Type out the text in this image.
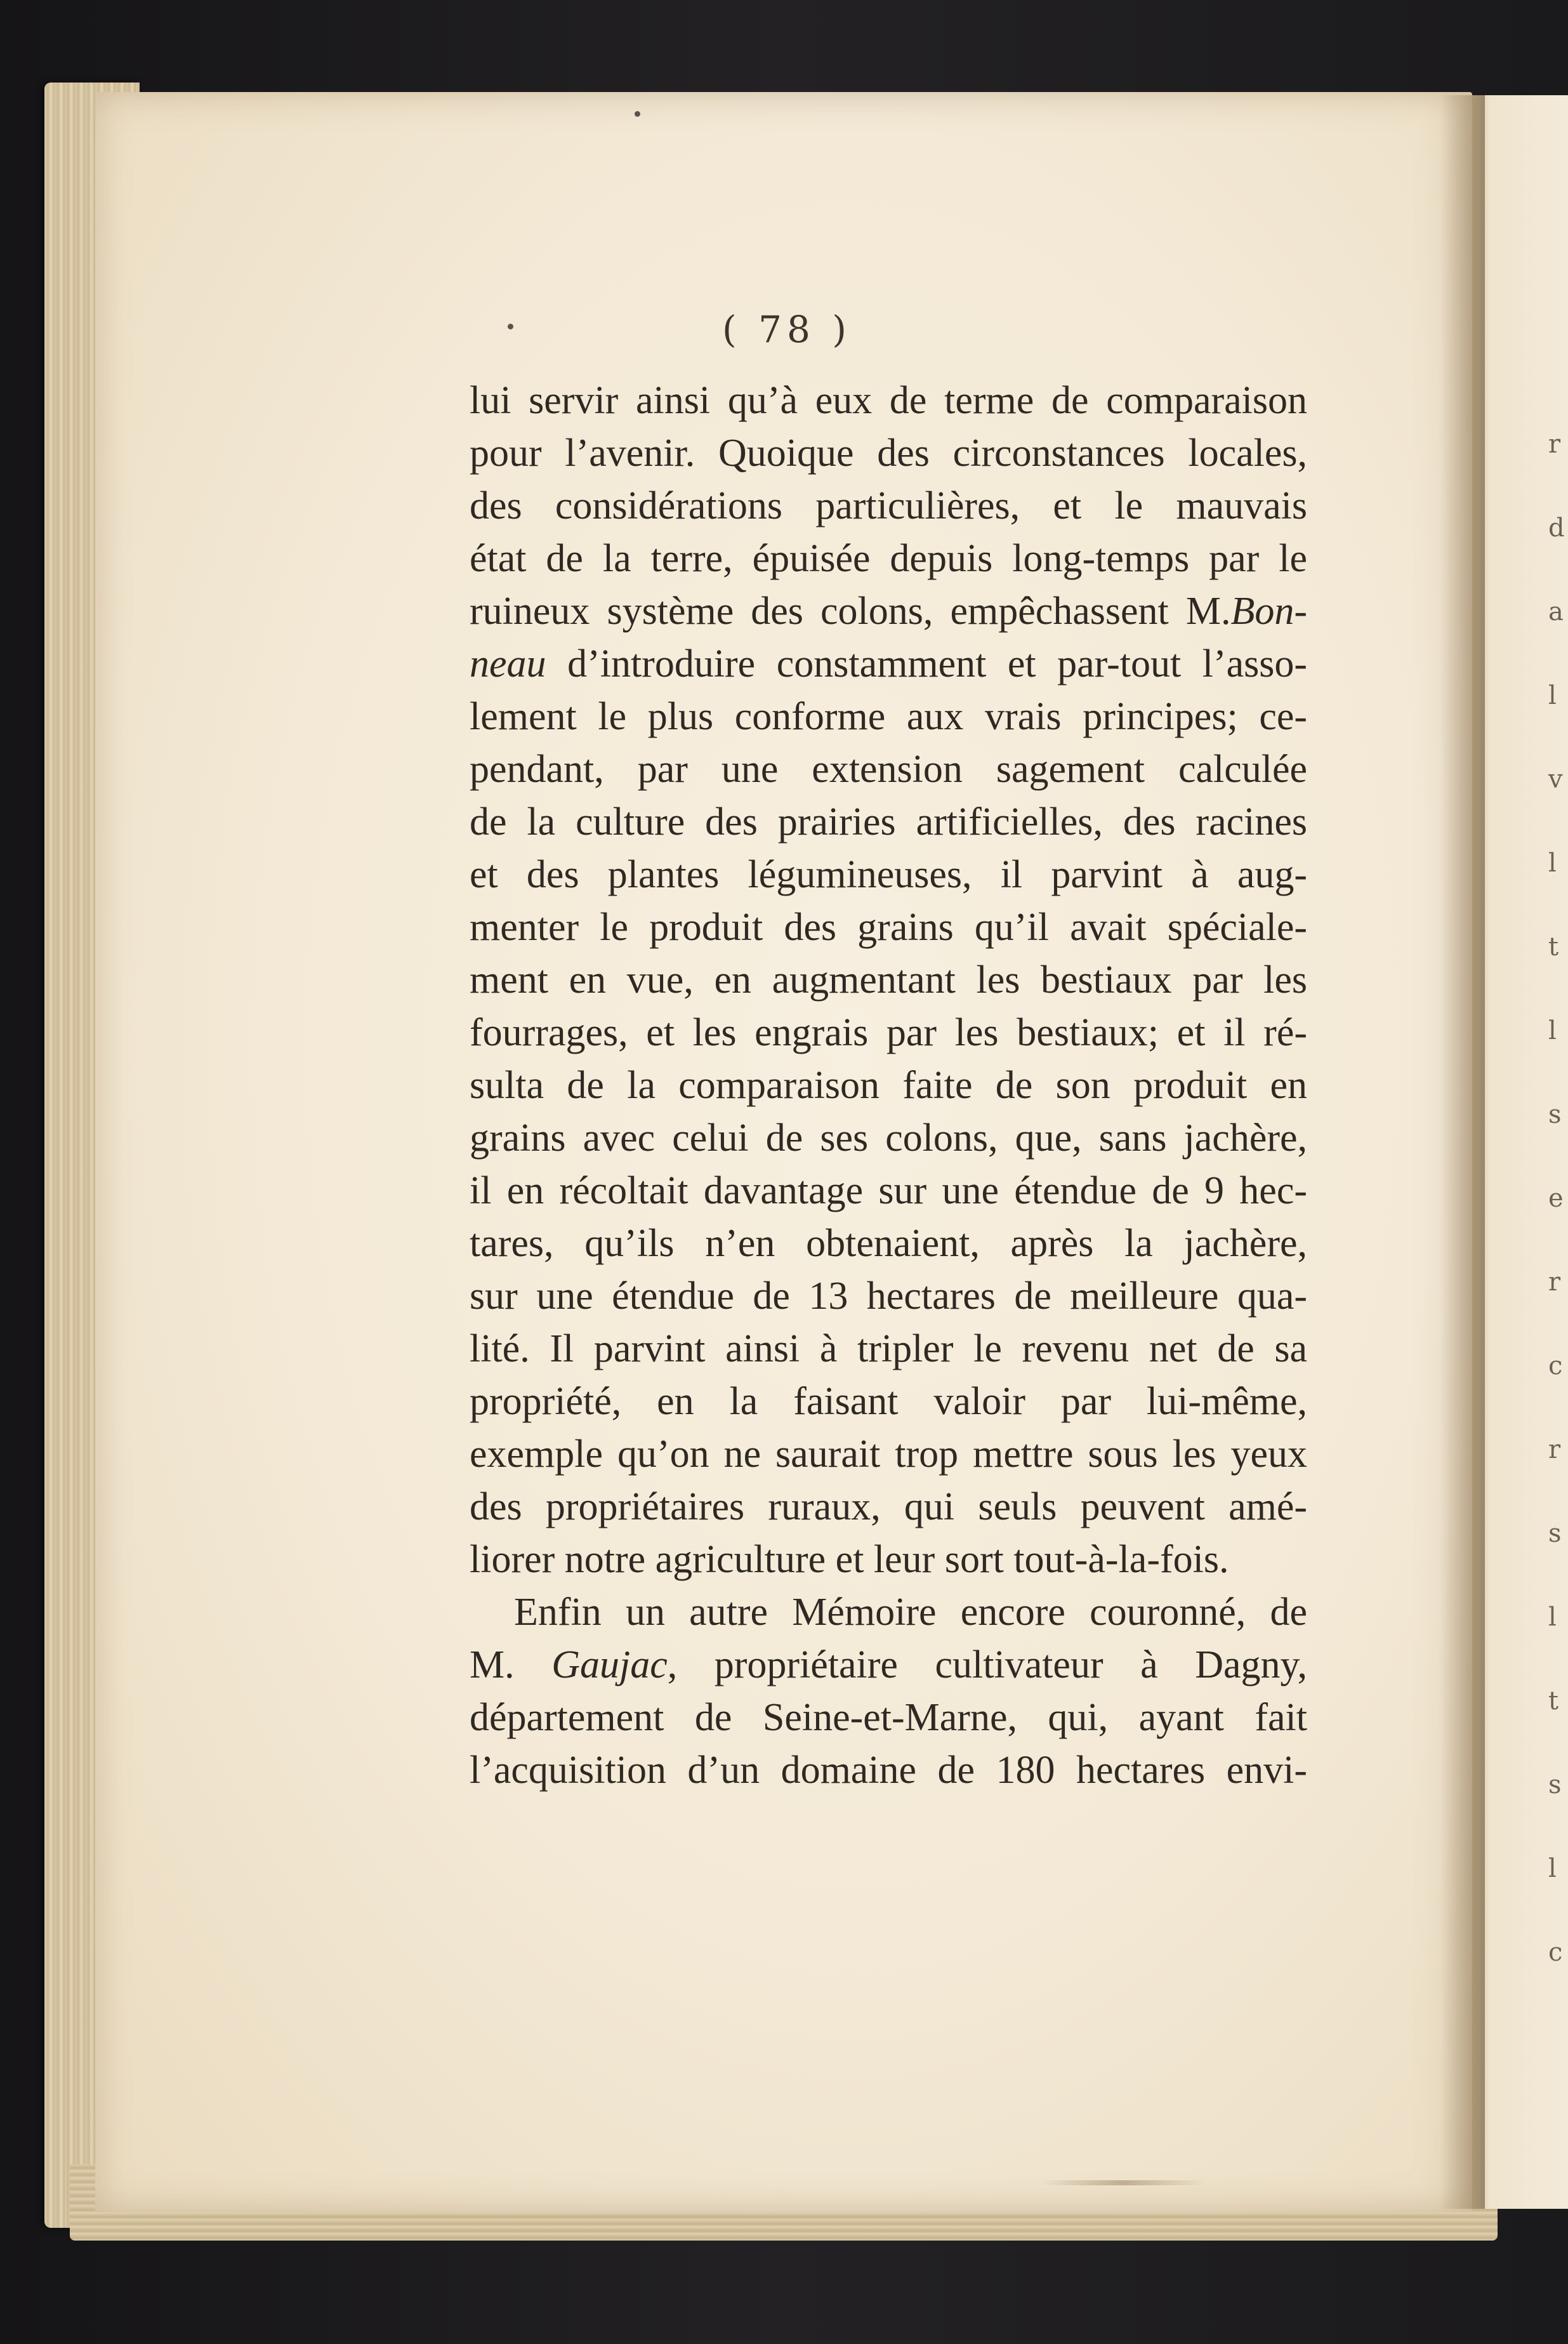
r
d
a
l
v
l
t
l
s
e
r
c
r
s
l
t
s
l
c
( 78 )
lui servir ainsi qu’à eux de terme de comparaison
pour l’avenir. Quoique des circonstances locales,
des considérations particulières, et le mauvais
état de la terre, épuisée depuis long-temps par le
ruineux système des colons, empêchassent M.Bon-
neau d’introduire constamment et par-tout l’asso-
lement le plus conforme aux vrais principes; ce-
pendant, par une extension sagement calculée
de la culture des prairies artificielles, des racines
et des plantes légumineuses, il parvint à aug-
menter le produit des grains qu’il avait spéciale-
ment en vue, en augmentant les bestiaux par les
fourrages, et les engrais par les bestiaux; et il ré-
sulta de la comparaison faite de son produit en
grains avec celui de ses colons, que, sans jachère,
il en récoltait davantage sur une étendue de 9 hec-
tares, qu’ils n’en obtenaient, après la jachère,
sur une étendue de 13 hectares de meilleure qua-
lité. Il parvint ainsi à tripler le revenu net de sa
propriété, en la faisant valoir par lui-même,
exemple qu’on ne saurait trop mettre sous les yeux
des propriétaires ruraux, qui seuls peuvent amé-
liorer notre agriculture et leur sort tout-à-la-fois.
Enfin un autre Mémoire encore couronné, de
M. Gaujac, propriétaire cultivateur à Dagny,
département de Seine-et-Marne, qui, ayant fait
l’acquisition d’un domaine de 180 hectares envi-
